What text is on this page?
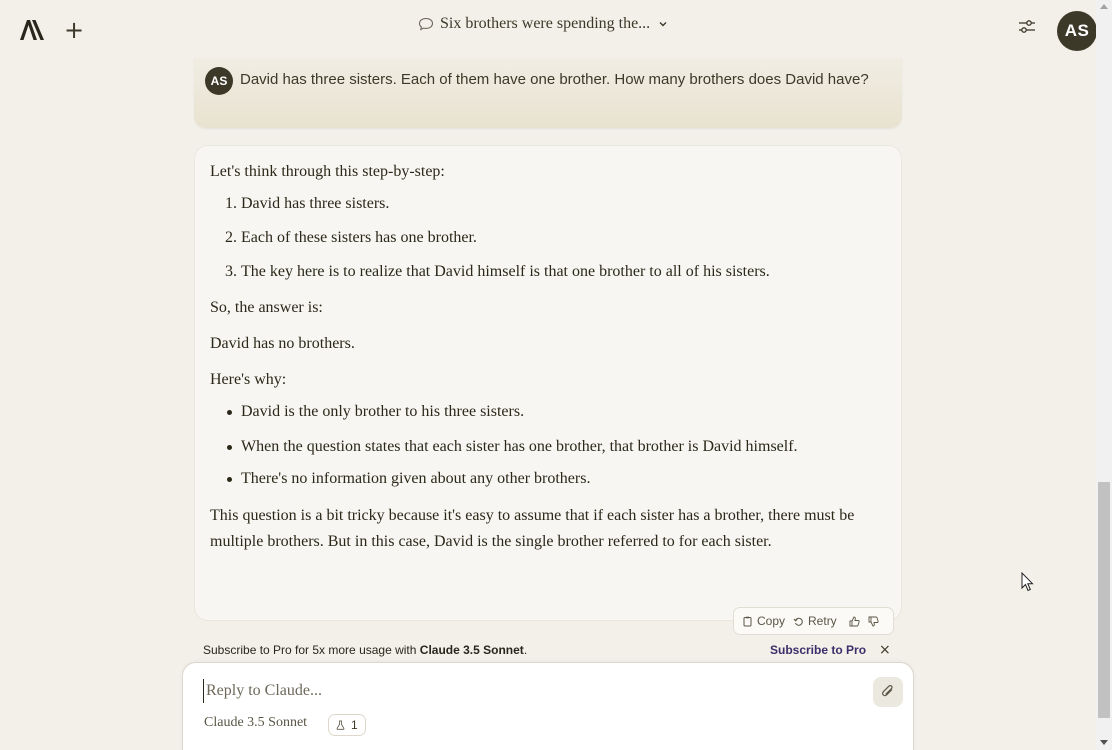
+	Six brothers were spending the...	AS
AS David has three sisters. Each of them have one brother. How many brothers does David have?
Let's think through this step-by-step:
1. David has three sisters.
2. Each of these sisters has one brother.
3. The key here is to realize that David himself is that one brother to all of his sisters.
So, the answer is:
David has no brothers.
Here's why:
David is the only brother to his three sisters.
When the question states that each sister has one brother, that brother is David himself.
There's no information given about any other brothers.
This question is a bit tricky because it's easy to assume that if each sister has a brother, there must be multiple brothers. But in this case, David is the single brother referred to for each sister.
Copy Retry
Subscribe to Pro for 5x more usage with Claude 3.5 Sonnet.	Subscribe to Pro ×
Reply to Claude...
Claude 3.5 Sonnet	1
